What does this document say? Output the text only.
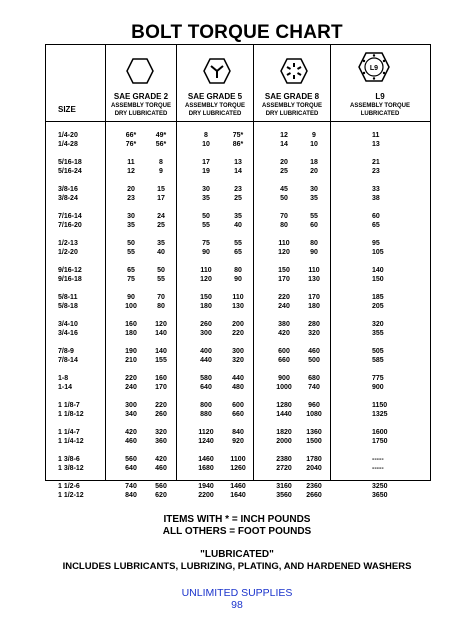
BOLT TORQUE CHART
L9
SIZE
SAE GRADE 2
ASSEMBLY TORQUE
DRY LUBRICATED
SAE GRADE 5
ASSEMBLY TORQUE
DRY LUBRICATED
SAE GRADE 8
ASSEMBLY TORQUE
DRY LUBRICATED
L9
ASSEMBLY TORQUE
LUBRICATED
1/4-20	66*	49*	8	75*	12	9	11
1/4-28	76*	56*	10	86*	14	10	13
5/16-18	11	8	17	13	20	18	21
5/16-24	12	9	19	14	25	20	23
3/8-16	20	15	30	23	45	30	33
3/8-24	23	17	35	25	50	35	38
7/16-14	30	24	50	35	70	55	60
7/16-20	35	25	55	40	80	60	65
1/2-13	50	35	75	55	110	80	95
1/2-20	55	40	90	65	120	90	105
9/16-12	65	50	110	80	150	110	140
9/16-18	75	55	120	90	170	130	150
5/8-11	90	70	150	110	220	170	185
5/8-18	100	80	180	130	240	180	205
3/4-10	160	120	260	200	380	280	320
3/4-16	180	140	300	220	420	320	355
7/8-9	190	140	400	300	600	460	505
7/8-14	210	155	440	320	660	500	585
1-8	220	160	580	440	900	680	775
1-14	240	170	640	480	1000	740	900
1 1/8-7	300	220	800	600	1280	960	1150
1 1/8-12	340	260	880	660	1440	1080	1325
1 1/4-7	420	320	1120	840	1820	1360	1600
1 1/4-12	460	360	1240	920	2000	1500	1750
1 3/8-6	560	420	1460	1100	2380	1780	-----
1 3/8-12	640	460	1680	1260	2720	2040	-----
1 1/2-6	740	560	1940	1460	3160	2360	3250
1 1/2-12	840	620	2200	1640	3560	2660	3650
ITEMS WITH * = INCH POUNDS
ALL OTHERS = FOOT POUNDS
"LUBRICATED"
INCLUDES LUBRICANTS, LUBRIZING, PLATING, AND HARDENED WASHERS
UNLIMITED SUPPLIES
98
